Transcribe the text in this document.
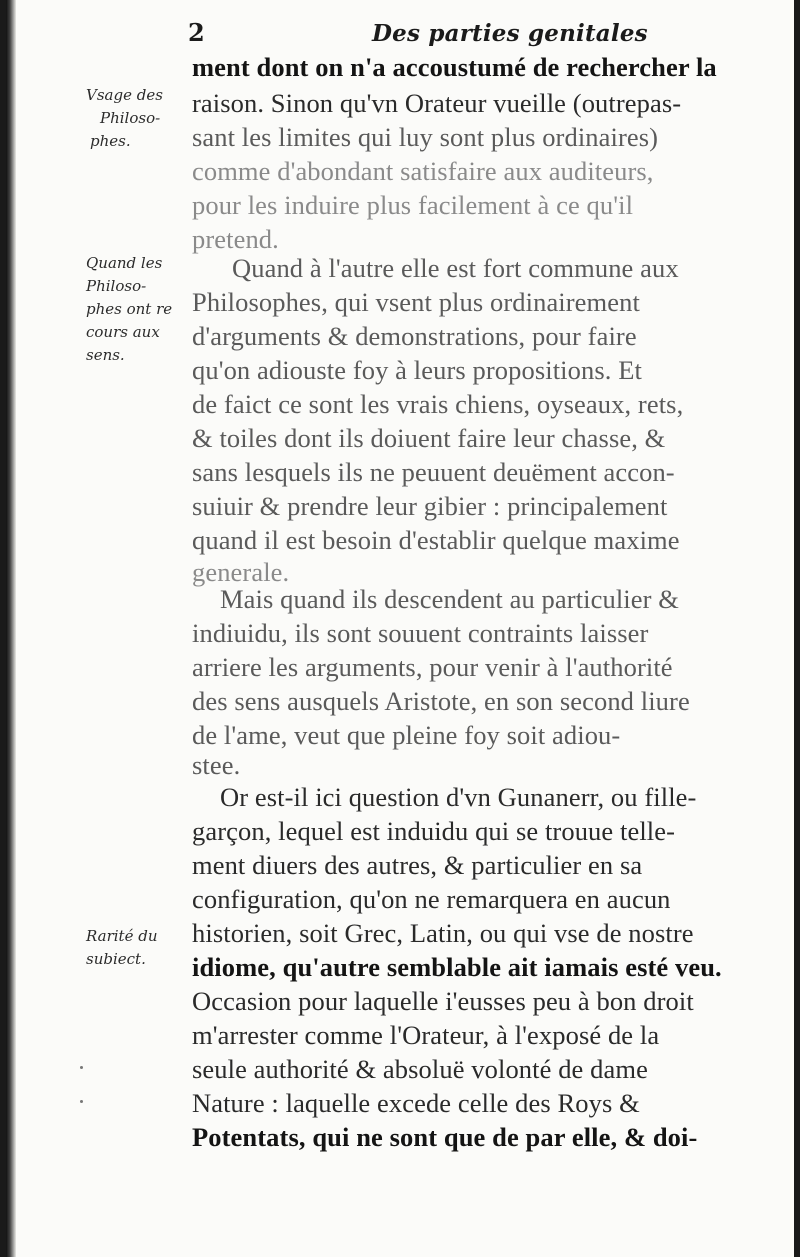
2	Des parties genitales
Vsage des
Philoso-
phes.
Quand les
Philoso-
phes ont re
cours aux
sens.
Rarité du
subiect.
ment dont on n'a accoustumé de rechercher la
raison. Sinon qu'vn Orateur vueille (outrepas-
sant les limites qui luy sont plus ordinaires)
comme d'abondant satisfaire aux auditeurs,
pour les induire plus facilement à ce qu'il
pretend.
Quand à l'autre elle est fort commune aux
Philosophes, qui vsent plus ordinairement
d'arguments & demonstrations, pour faire
qu'on adiouste foy à leurs propositions. Et
de faict ce sont les vrais chiens, oyseaux, rets,
& toiles dont ils doiuent faire leur chasse, &
sans lesquels ils ne peuuent deuëment accon-
suiuir & prendre leur gibier : principalement
quand il est besoin d'establir quelque maxime
generale.
Mais quand ils descendent au particulier &
indiuidu, ils sont souuent contraints laisser
arriere les arguments, pour venir à l'authorité
des sens ausquels Aristote, en son second liure
de l'ame, veut que pleine foy soit adiou-
stee.
Or est-il ici question d'vn Gunanerr, ou fille-
garçon, lequel est induidu qui se trouue telle-
ment diuers des autres, & particulier en sa
configuration, qu'on ne remarquera en aucun
historien, soit Grec, Latin, ou qui vse de nostre
idiome, qu'autre semblable ait iamais esté veu.
Occasion pour laquelle i'eusses peu à bon droit
m'arrester comme l'Orateur, à l'exposé de la
seule authorité & absoluë volonté de dame
Nature : laquelle excede celle des Roys &
Potentats, qui ne sont que de par elle, & doi-
